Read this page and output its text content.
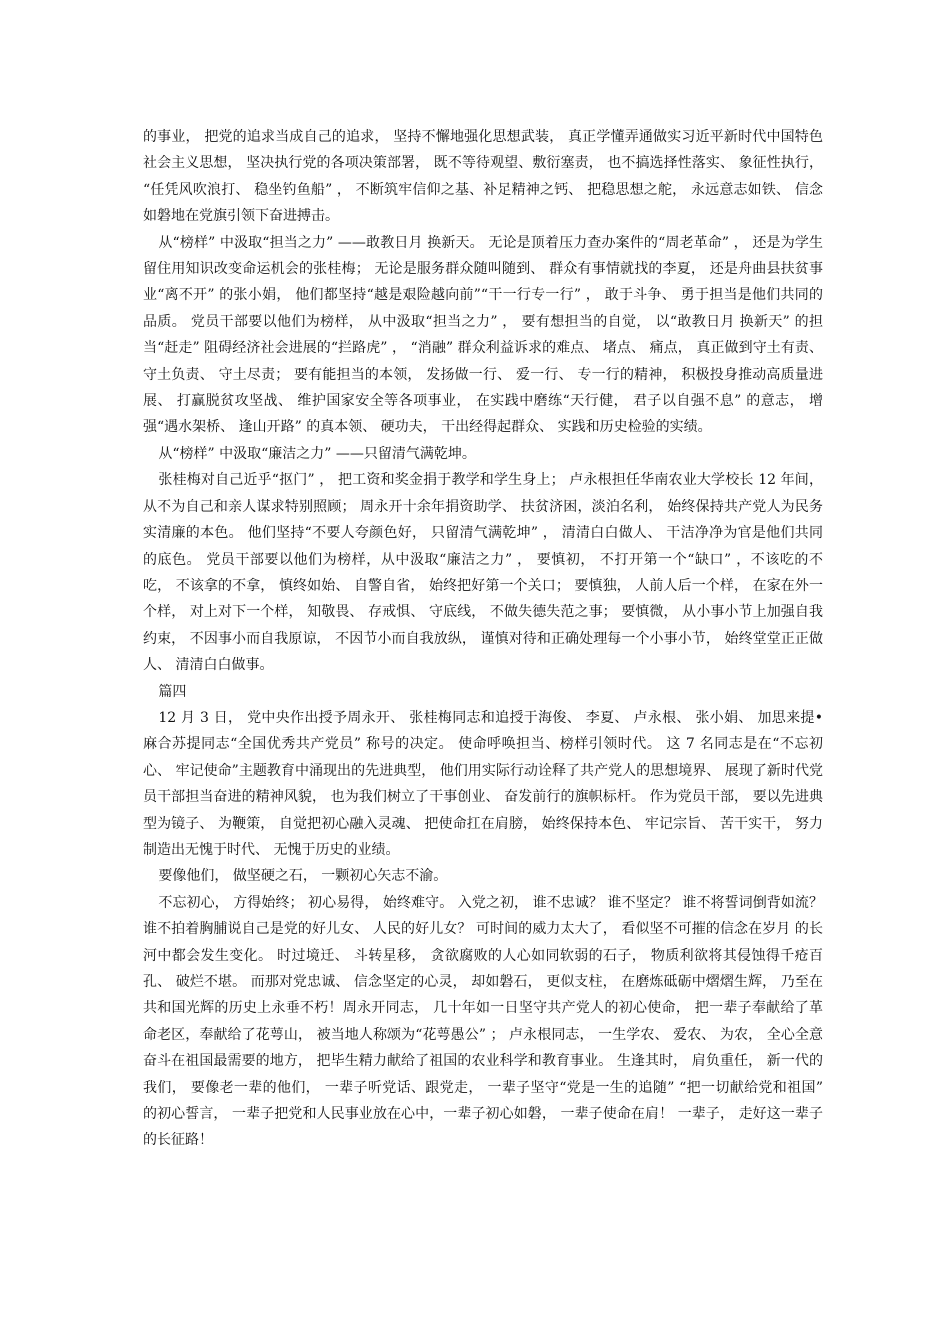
的事业， 把党的追求当成自己的追求， 坚持不懈地强化思想武装， 真正学懂弄通做实习近平新时代中国特色社会主义思想， 坚决执行党的各项决策部署， 既不等待观望、敷衍塞责， 也不搞选择性落实、 象征性执行， “任凭风吹浪打、 稳坐钓鱼船” ， 不断筑牢信仰之基、补足精神之钙、 把稳思想之舵， 永远意志如铁、 信念如磐地在党旗引领下奋进搏击。

从“榜样” 中汲取“担当之力” ——敢教日月 换新天。 无论是顶着压力查办案件的“周老革命” ， 还是为学生留住用知识改变命运机会的张桂梅； 无论是服务群众随叫随到、 群众有事情就找的李夏， 还是舟曲县扶贫事业“离不开” 的张小娟， 他们都坚持“越是艰险越向前”“干一行专一行” ， 敢于斗争、 勇于担当是他们共同的品质。 党员干部要以他们为榜样， 从中汲取“担当之力” ， 要有想担当的自觉， 以“敢教日月 换新天” 的担当“赶走” 阻碍经济社会进展的“拦路虎” ， “消融” 群众利益诉求的难点、 堵点、 痛点， 真正做到守土有责、 守土负责、 守土尽责； 要有能担当的本领， 发扬做一行、 爱一行、 专一行的精神， 积极投身推动高质量进展、 打赢脱贫攻坚战、 维护国家安全等各项事业， 在实践中磨练“天行健， 君子以自强不息” 的意志， 增强“遇水架桥、 逢山开路” 的真本领、 硬功夫， 干出经得起群众、 实践和历史检验的实绩。

从“榜样” 中汲取“廉洁之力” ——只留清气满乾坤。

张桂梅对自己近乎“抠门” ， 把工资和奖金捐于教学和学生身上； 卢永根担任华南农业大学校长 12 年间， 从不为自己和亲人谋求特别照顾； 周永开十余年捐资助学、 扶贫济困，淡泊名利， 始终保持共产党人为民务实清廉的本色。 他们坚持“不要人夸颜色好， 只留清气满乾坤” ， 清清白白做人、 干洁净净为官是他们共同的底色。 党员干部要以他们为榜样，从中汲取“廉洁之力” ， 要慎初， 不打开第一个“缺口” ，不该吃的不吃， 不该拿的不拿， 慎终如始、 自警自省， 始终把好第一个关口； 要慎独， 人前人后一个样， 在家在外一个样， 对上对下一个样， 知敬畏、 存戒惧、 守底线， 不做失德失范之事； 要慎微， 从小事小节上加强自我约束， 不因事小而自我原谅， 不因节小而自我放纵， 谨慎对待和正确处理每一个小事小节， 始终堂堂正正做人、 清清白白做事。

篇四

12 月 3 日， 党中央作出授予周永开、 张桂梅同志和追授于海俊、 李夏、 卢永根、 张小娟、 加思来提• 麻合苏提同志“全国优秀共产党员” 称号的决定。 使命呼唤担当、榜样引领时代。 这 7 名同志是在“不忘初心、 牢记使命”主题教育中涌现出的先进典型， 他们用实际行动诠释了共产党人的思想境界、 展现了新时代党员干部担当奋进的精神风貌， 也为我们树立了干事创业、 奋发前行的旗帜标杆。 作为党员干部， 要以先进典型为镜子、 为鞭策， 自觉把初心融入灵魂、 把使命扛在肩膀， 始终保持本色、 牢记宗旨、 苦干实干， 努力制造出无愧于时代、 无愧于历史的业绩。

要像他们， 做坚硬之石， 一颗初心矢志不渝。

不忘初心， 方得始终； 初心易得， 始终难守。 入党之初， 谁不忠诚？ 谁不坚定？ 谁不将誓词倒背如流？ 谁不拍着胸脯说自己是党的好儿女、 人民的好儿女？ 可时间的威力太大了， 看似坚不可摧的信念在岁月 的长河中都会发生变化。 时过境迁、 斗转星移， 贪欲腐败的人心如同软弱的石子， 物质利欲将其侵蚀得千疮百孔、 破烂不堪。 而那对党忠诚、 信念坚定的心灵， 却如磐石， 更似支柱， 在磨炼砥砺中熠熠生辉， 乃至在共和国光辉的历史上永垂不朽！周永开同志， 几十年如一日坚守共产党人的初心使命， 把一辈子奉献给了革命老区，奉献给了花萼山， 被当地人称颂为“花萼愚公” ； 卢永根同志， 一生学农、 爱农、 为农， 全心全意奋斗在祖国最需要的地方， 把毕生精力献给了祖国的农业科学和教育事业。 生逢其时， 肩负重任， 新一代的我们， 要像老一辈的他们， 一辈子听党话、跟党走， 一辈子坚守“党是一生的追随” “把一切献给党和祖国” 的初心誓言， 一辈子把党和人民事业放在心中，一辈子初心如磐， 一辈子使命在肩！ 一辈子， 走好这一辈子的长征路！
